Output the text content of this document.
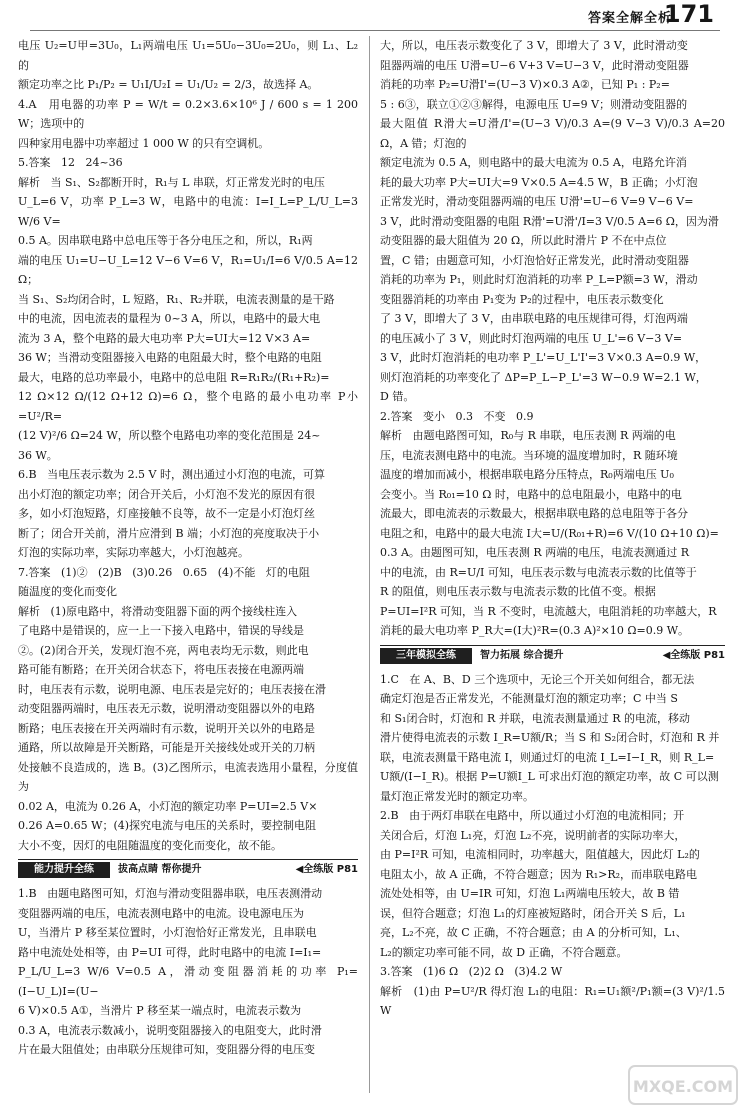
答案全解全析
171
电压 U₂=U甲=3U₀，L₁两端电压 U₁=5U₀−3U₀=2U₀，则 L₁、L₂的
额定功率之比 P₁/P₂ = U₁I/U₂I = U₁/U₂ = 2/3，故选择 A。
4.A   用电器的功率 P = W/t = 0.2×3.6×10⁶ J / 600 s = 1 200 W；选项中的
四种家用电器中功率超过 1 000 W 的只有空调机。
5.答案   12   24~36
解析   当 S₁、S₂都断开时，R₁与 L 串联，灯正常发光时的电压
U_L=6 V，功率 P_L=3 W，电路中的电流：I=I_L=P_L/U_L=3 W/6 V=
0.5 A。因串联电路中总电压等于各分电压之和，所以，R₁两
端的电压 U₁=U−U_L=12 V−6 V=6 V，R₁=U₁/I=6 V/0.5 A=12 Ω；
当 S₁、S₂均闭合时，L 短路，R₁、R₂并联，电流表测量的是干路
中的电流，因电流表的量程为 0~3 A，所以，电路中的最大电
流为 3 A，整个电路的最大电功率 P大=UI大=12 V×3 A=
36 W；当滑动变阻器接入电路的电阻最大时，整个电路的电阻
最大，电路的总功率最小，电路中的总电阻 R=R₁R₂/(R₁+R₂)=
12 Ω×12 Ω/(12 Ω+12 Ω)=6 Ω，整个电路的最小电功率 P小=U²/R=
(12 V)²/6 Ω=24 W，所以整个电路电功率的变化范围是 24~
36 W。
6.B   当电压表示数为 2.5 V 时，测出通过小灯泡的电流，可算
出小灯泡的额定功率；闭合开关后，小灯泡不发光的原因有很
多，如小灯泡短路，灯座接触不良等，故不一定是小灯泡灯丝
断了；闭合开关前，滑片应滑到 B 端；小灯泡的亮度取决于小
灯泡的实际功率，实际功率越大，小灯泡越亮。
7.答案   (1)②   (2)B   (3)0.26   0.65   (4)不能   灯的电阻
随温度的变化而变化
解析   (1)原电路中，将滑动变阻器下面的两个接线柱连入
了电路中是错误的，应一上一下接入电路中，错误的导线是
②。(2)闭合开关，发现灯泡不亮，两电表均无示数，则此电
路可能有断路；在开关闭合状态下，将电压表接在电源两端
时，电压表有示数，说明电源、电压表是完好的；电压表接在滑
动变阻器两端时，电压表无示数，说明滑动变阻器以外的电路
断路；电压表接在开关两端时有示数，说明开关以外的电路是
通路，所以故障是开关断路，可能是开关接线处或开关的刀柄
处接触不良造成的，选 B。(3)乙图所示，电流表选用小量程，分度值为
0.02 A，电流为 0.26 A，小灯泡的额定功率 P=UI=2.5 V×
0.26 A=0.65 W；(4)探究电流与电压的关系时，要控制电阻
大小不变，因灯的电阻随温度的变化而变化，故不能。
能力提升全练	拔高点睛 帮你提升	◀全练版 P81
1.B   由题电路图可知，灯泡与滑动变阻器串联，电压表测滑动
变阻器两端的电压，电流表测电路中的电流。设电源电压为
U，当滑片 P 移至某位置时，小灯泡恰好正常发光，且串联电
路中电流处处相等，由 P=UI 可得，此时电路中的电流 I=I₁=
P_L/U_L=3 W/6 V=0.5 A，滑动变阻器消耗的功率 P₁=(I−U_L)I=(U−
6 V)×0.5 A①，当滑片 P 移至某一端点时，电流表示数为
0.3 A，电流表示数减小，说明变阻器接入的电阻变大，此时滑
片在最大阻值处；由串联分压规律可知，变阻器分得的电压变
大，所以，电压表示数变化了 3 V，即增大了 3 V，此时滑动变
阻器两端的电压 U滑=U−6 V+3 V=U−3 V，此时滑动变阻器
消耗的功率 P₂=U滑I'=(U−3 V)×0.3 A②，已知 P₁ : P₂=
5 : 6③，联立①②③解得，电源电压 U=9 V；则滑动变阻器的
最大阻值 R滑大=U滑/I'=(U−3 V)/0.3 A=(9 V−3 V)/0.3 A=20 Ω，A 错；灯泡的
额定电流为 0.5 A，则电路中的最大电流为 0.5 A，电路允许消
耗的最大功率 P大=UI大=9 V×0.5 A=4.5 W，B 正确；小灯泡
正常发光时，滑动变阻器两端的电压 U滑'=U−6 V=9 V−6 V=
3 V，此时滑动变阻器的电阻 R滑'=U滑'/I=3 V/0.5 A=6 Ω，因为滑
动变阻器的最大阻值为 20 Ω，所以此时滑片 P 不在中点位
置，C 错；由题意可知，小灯泡恰好正常发光，此时滑动变阻器
消耗的功率为 P₁，则此时灯泡消耗的功率 P_L=P额=3 W，滑动
变阻器消耗的功率由 P₁变为 P₂的过程中，电压表示数变化
了 3 V，即增大了 3 V，由串联电路的电压规律可得，灯泡两端
的电压减小了 3 V，则此时灯泡两端的电压 U_L'=6 V−3 V=
3 V，此时灯泡消耗的电功率 P_L'=U_L'I'=3 V×0.3 A=0.9 W，
则灯泡消耗的功率变化了 ΔP=P_L−P_L'=3 W−0.9 W=2.1 W，
D 错。
2.答案   变小   0.3   不变   0.9
解析   由题电路图可知，R₀与 R 串联，电压表测 R 两端的电
压，电流表测电路中的电流。当环境的温度增加时，R 随环境
温度的增加而减小，根据串联电路分压特点，R₀两端电压 U₀
会变小。当 R₀₁=10 Ω 时，电路中的总电阻最小，电路中的电
流最大，即电流表的示数最大，根据串联电路的总电阻等于各分
电阻之和，电路中的最大电流 I大=U/(R₀₁+R)=6 V/(10 Ω+10 Ω)=
0.3 A。由题图可知，电压表测 R 两端的电压，电流表测通过 R
中的电流，由 R=U/I 可知，电压表示数与电流表示数的比值等于
R 的阻值，则电压表示数与电流表示数的比值不变。根据
P=UI=I²R 可知，当 R 不变时，电流越大，电阻消耗的功率越大，R
消耗的最大电功率 P_R大=(I大)²R=(0.3 A)²×10 Ω=0.9 W。
三年模拟全练	智力拓展 综合提升	◀全练版 P81
1.C   在 A、B、D 三个选项中，无论三个开关如何组合，都无法
确定灯泡是否正常发光，不能测量灯泡的额定功率；C 中当 S
和 S₁闭合时，灯泡和 R 并联，电流表测量通过 R 的电流，移动
滑片使得电流表的示数 I_R=U额/R；当 S 和 S₂闭合时，灯泡和 R 并
联，电流表测量干路电流 I，则通过灯的电流 I_L=I−I_R，则 R_L=
U额/(I−I_R)。根据 P=U额I_L 可求出灯泡的额定功率，故 C 可以测
量灯泡正常发光时的额定功率。
2.B   由于两灯串联在电路中，所以通过小灯泡的电流相同；开
关闭合后，灯泡 L₁亮，灯泡 L₂不亮，说明前者的实际功率大，
由 P=I²R 可知，电流相同时，功率越大，阻值越大，因此灯 L₂的
电阻太小，故 A 正确，不符合题意；因为 R₁>R₂，而串联电路电
流处处相等，由 U=IR 可知，灯泡 L₁两端电压较大，故 B 错
误，但符合题意；灯泡 L₁的灯座被短路时，闭合开关 S 后，L₁
亮，L₂不亮，故 C 正确，不符合题意；由 A 的分析可知，L₁、
L₂的额定功率可能不同，故 D 正确，不符合题意。
3.答案   (1)6 Ω   (2)2 Ω   (3)4.2 W
解析   (1)由 P=U²/R 得灯泡 L₁的电阻：R₁=U₁额²/P₁额=(3 V)²/1.5 W
MXQE.COM
